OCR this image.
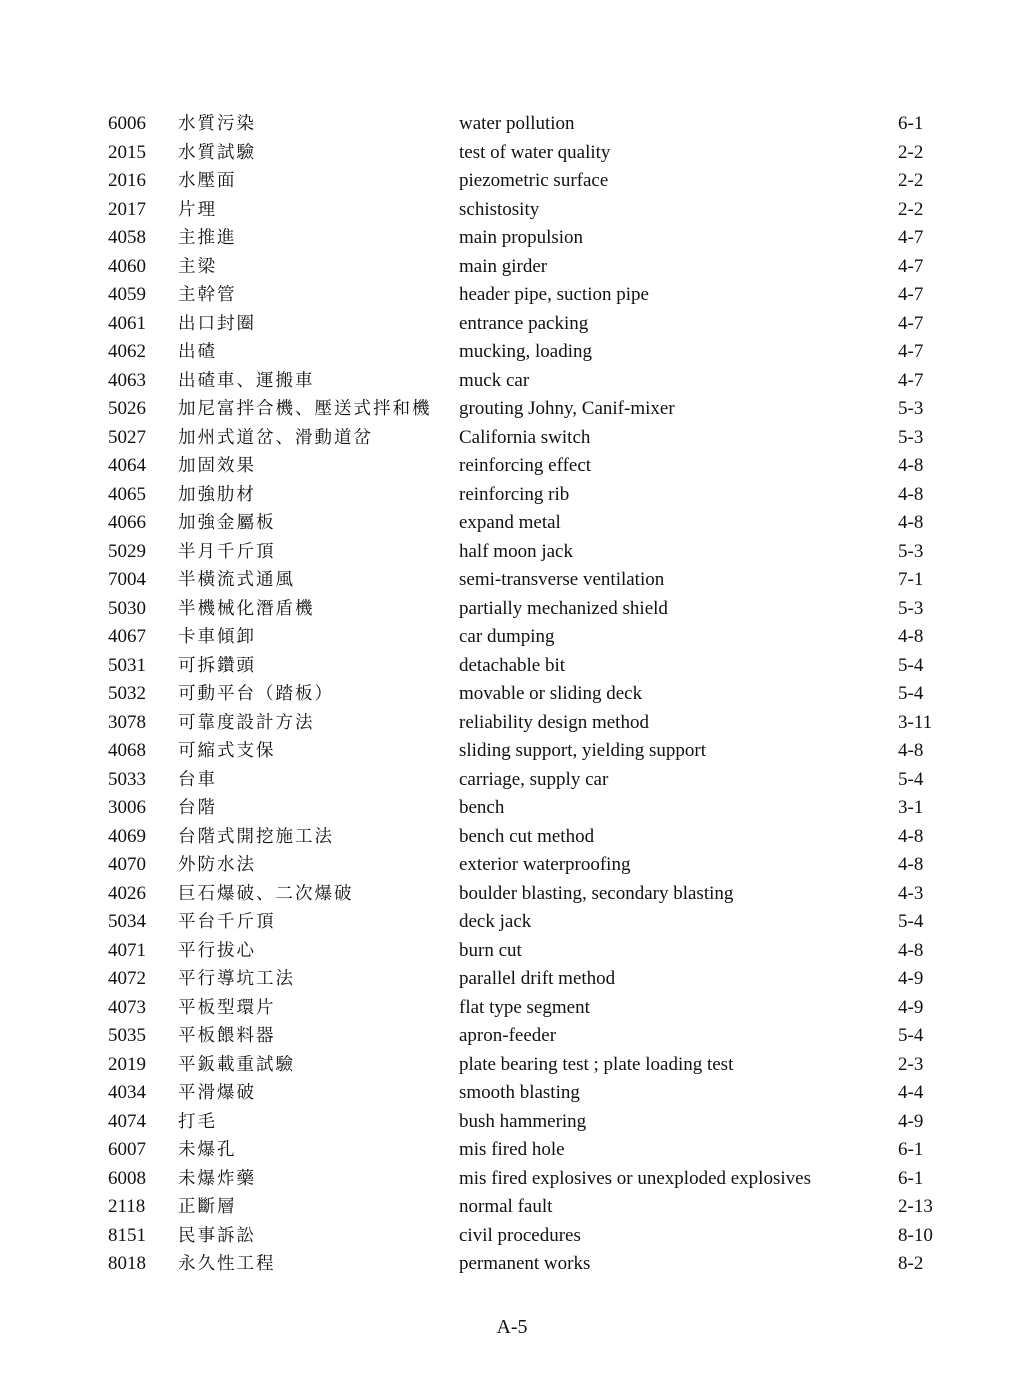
6006 水質污染	water pollution	6-1
2015 水質試驗	test of water quality	2-2
2016 水壓面	piezometric surface	2-2
2017 片理	schistosity	2-2
4058 主推進	main propulsion	4-7
4060 主梁	main girder	4-7
4059 主幹管	header pipe, suction pipe	4-7
4061 出口封圈	entrance packing	4-7
4062 出碴	mucking, loading	4-7
4063 出碴車、運搬車	muck car	4-7
5026 加尼富拌合機、壓送式拌和機 grouting Johny, Canif-mixer	5-3
5027 加州式道岔、滑動道岔	California switch	5-3
4064 加固效果	reinforcing effect	4-8
4065 加強肋材	reinforcing rib	4-8
4066 加強金屬板	expand metal	4-8
5029 半月千斤頂	half moon jack	5-3
7004 半橫流式通風	semi-transverse ventilation	7-1
5030 半機械化潛盾機	partially mechanized shield	5-3
4067 卡車傾卸	car dumping	4-8
5031 可拆鑽頭	detachable bit	5-4
5032 可動平台（踏板）	movable or sliding deck	5-4
3078 可靠度設計方法	reliability design method	3-11
4068 可縮式支保	sliding support, yielding support	4-8
5033 台車	carriage, supply car	5-4
3006 台階	bench	3-1
4069 台階式開挖施工法	bench cut method	4-8
4070 外防水法	exterior waterproofing	4-8
4026 巨石爆破、二次爆破	boulder blasting, secondary blasting	4-3
5034 平台千斤頂	deck jack	5-4
4071 平行拔心	burn cut	4-8
4072 平行導坑工法	parallel drift method	4-9
4073 平板型環片	flat type segment	4-9
5035 平板餵料器	apron-feeder	5-4
2019 平鈑載重試驗	plate bearing test ; plate loading test	2-3
4034 平滑爆破	smooth blasting	4-4
4074 打毛	bush hammering	4-9
6007 未爆孔	mis fired hole	6-1
6008 未爆炸藥	mis fired explosives or unexploded explosives	6-1
2118 正斷層	normal fault	2-13
8151 民事訴訟	civil procedures	8-10
8018 永久性工程	permanent works	8-2
A-5
